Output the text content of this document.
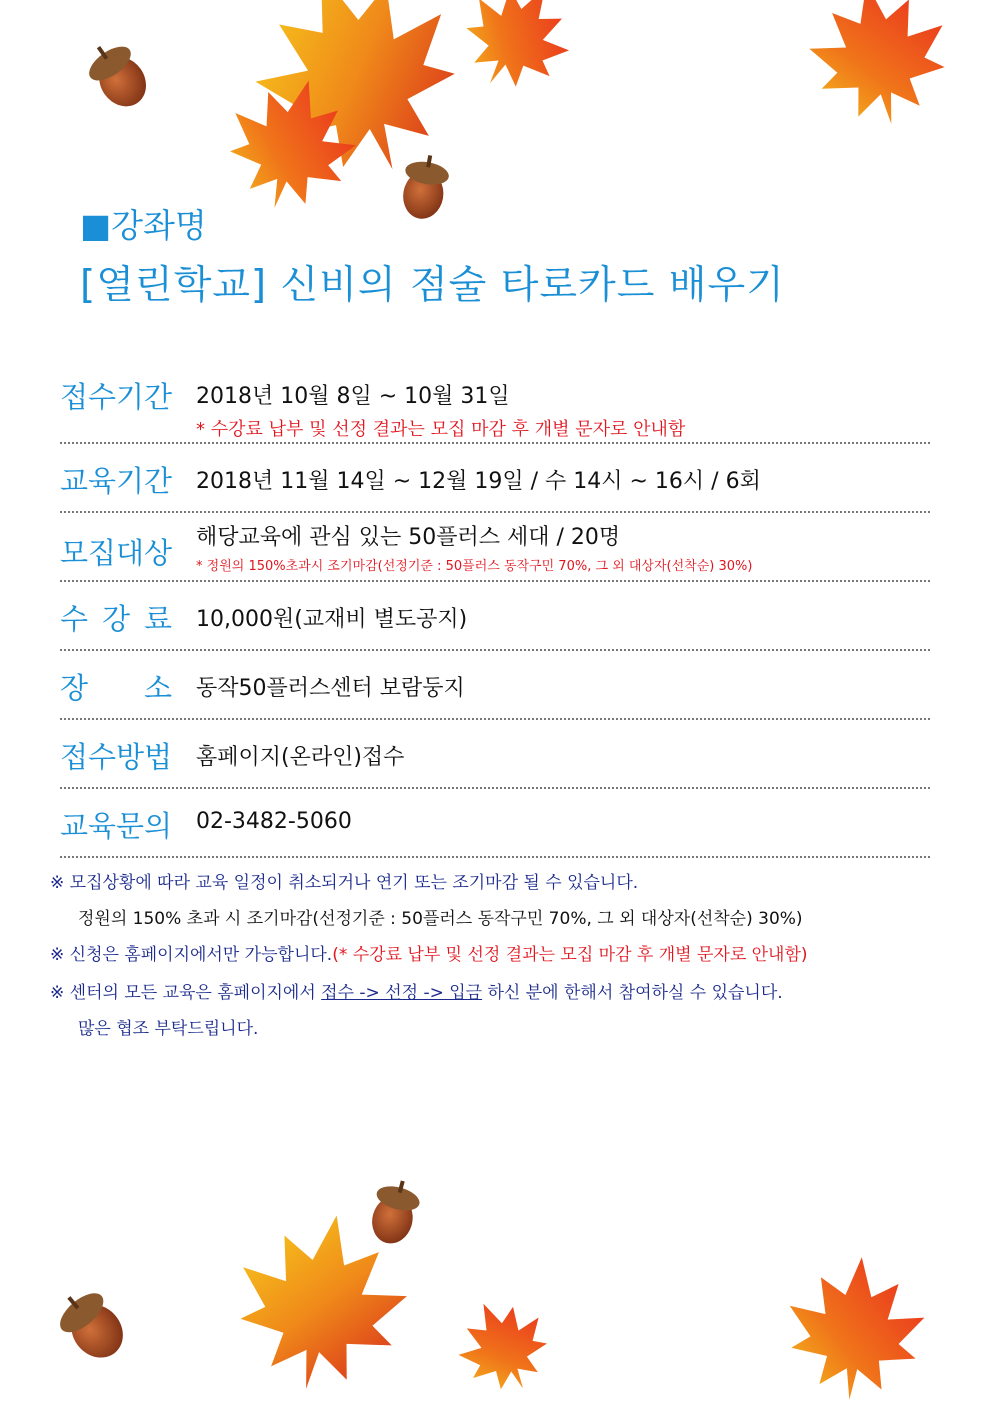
■강좌명
[열린학교] 신비의 점술 타로카드 배우기
접수기간 2018년 10월 8일 ~ 10월 31일
* 수강료 납부 및 선정 결과는 모집 마감 후 개별 문자로 안내함
교육기간 2018년 11월 14일 ~ 12월 19일 / 수 14시 ~ 16시 / 6회
모집대상 해당교육에 관심 있는 50플러스 세대 / 20명
* 정원의 150%초과시 조기마감(선정기준 : 50플러스 동작구민 70%, 그 외 대상자(선착순) 30%)
수강료 10,000원(교재비 별도공지)
장소
동작50플러스센터 보람둥지
접수방법 홈페이지(온라인)접수
교육문의 02-3482-5060
※ 모집상황에 따라 교육 일정이 취소되거나 연기 또는 조기마감 될 수 있습니다.
정원의 150% 초과 시 조기마감(선정기준 : 50플러스 동작구민 70%, 그 외 대상자(선착순) 30%)
※ 신청은 홈페이지에서만 가능합니다.(* 수강료 납부 및 선정 결과는 모집 마감 후 개별 문자로 안내함)
※ 센터의 모든 교육은 홈페이지에서 접수 -> 선정 -> 입금 하신 분에 한해서 참여하실 수 있습니다.
많은 협조 부탁드립니다.
